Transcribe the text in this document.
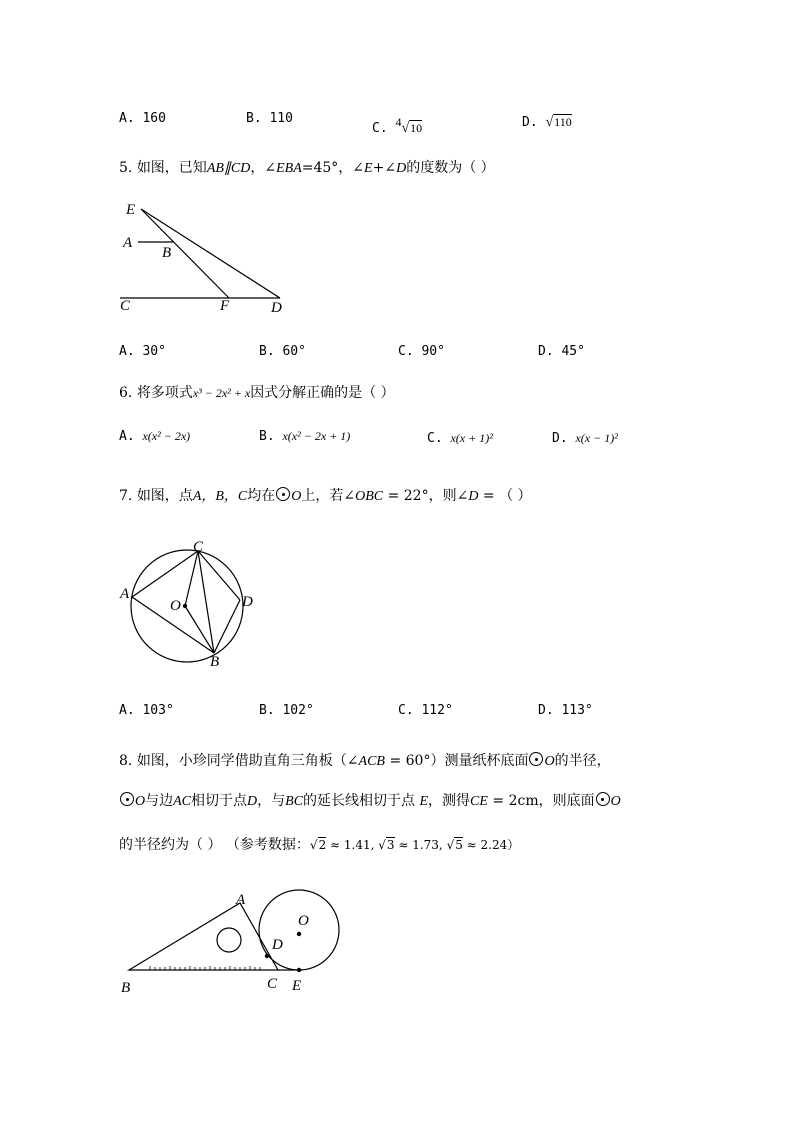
A. 160	B. 110
C. 4√10	D. √110
5. 如图，已知AB∥CD，∠EBA=45°，∠E+∠D的度数为（ ）
E
A
B
C	F	D
C
A
O	D
B
A
O
D
B	C E
A. 30°	B. 60°	C. 90°	D. 45°
6. 将多项式x³ − 2x² + x因式分解正确的是（ ）
A. x(x² − 2x)	B. x(x² − 2x + 1)	C. x(x + 1)²	D. x(x − 1)²
7. 如图，点A，B，C均在 O上，若∠OBC = 22°，则∠D = （ ）
A. 103°	B. 102°	C. 112°	D. 113°
8. 如图，小珍同学借助直角三角板（∠ACB = 60°）测量纸杯底面 O的半径，
O与边AC相切于点D，与BC的延长线相切于点 E，测得CE = 2cm，则底面 O
的半径约为（ ） （参考数据：√2 ≈ 1.41, √3 ≈ 1.73, √5 ≈ 2.24）
